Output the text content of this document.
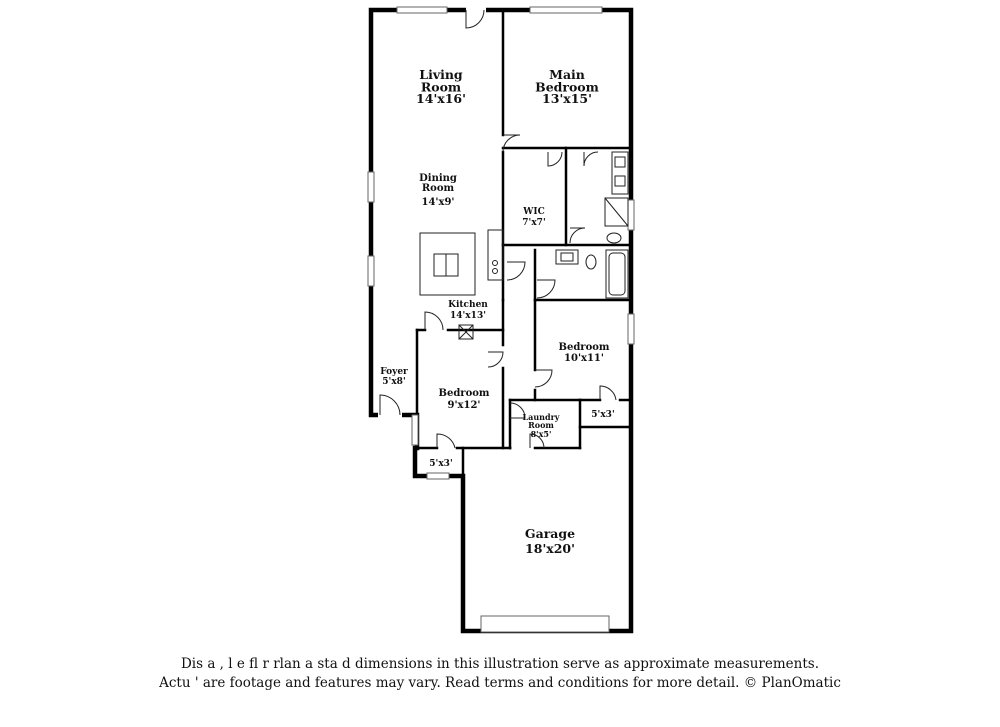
Living Room 14'x16'
Main Bedroom 13'x15'
Dining Room 14'x9'
WIC 7'x7'
Kitchen 14'x13'
Foyer 5'x8'
Bedroom 10'x11'
Bedroom 9'x12'
Laundry Room 8'x5'
5'x3'
5'x3'
Garage 18'x20'
Dis a , l e fl r rlan a sta d dimensions in this illustration serve as approximate measurements.
Actu ' are footage and features may vary. Read terms and conditions for more detail. © PlanOmatic
